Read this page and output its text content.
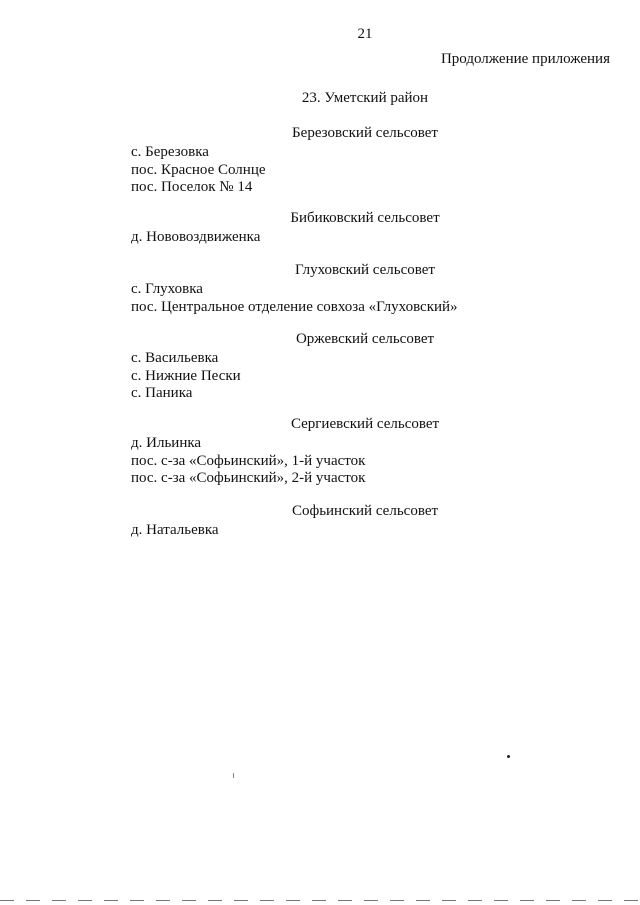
21
Продолжение приложения
23. Уметский район
Березовский сельсовет
с. Березовка
пос. Красное Солнце
пос. Поселок № 14
Бибиковский сельсовет
д. Нововоздвиженка
Глуховский сельсовет
с. Глуховка
пос. Центральное отделение совхоза «Глуховский»
Оржевский сельсовет
с. Васильевка
с. Нижние Пески
с. Паника
Сергиевский сельсовет
д. Ильинка
пос. с-за «Софьинский», 1-й участок
пос. с-за «Софьинский», 2-й участок
Софьинский сельсовет
д. Натальевка
